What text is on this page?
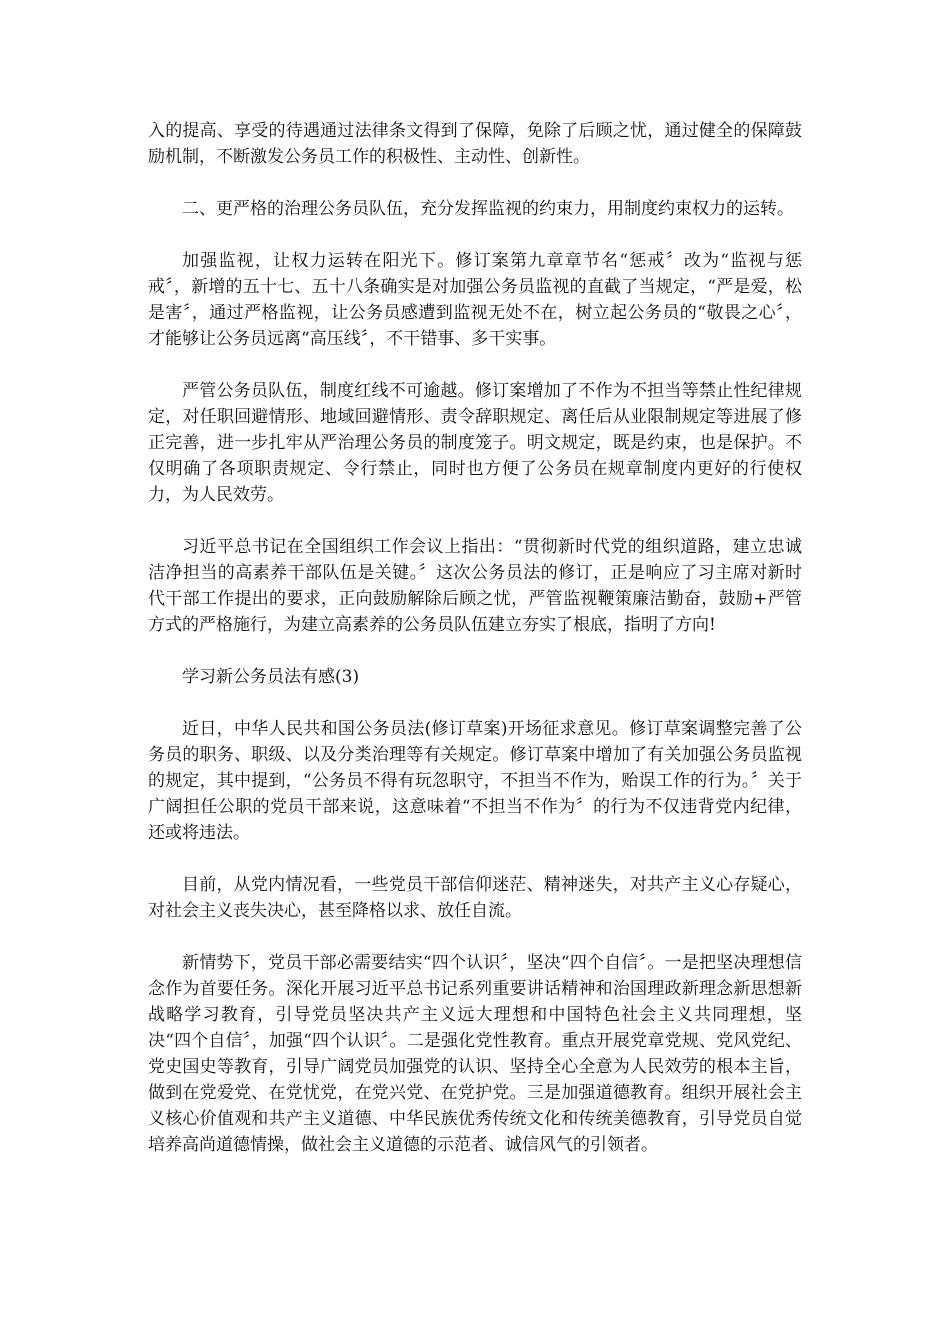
入的提高、享受的待遇通过法律条文得到了保障，免除了后顾之忧，通过健全的保障鼓励机制，不断激发公务员工作的积极性、主动性、创新性。

二、更严格的治理公务员队伍，充分发挥监视的约束力，用制度约束权力的运转。

加强监视，让权力运转在阳光下。修订案第九章章节名“惩戒〞改为“监视与惩戒〞，新增的五十七、五十八条确实是对加强公务员监视的直截了当规定，“严是爱，松是害〞，通过严格监视，让公务员感遭到监视无处不在，树立起公务员的“敬畏之心〞，才能够让公务员远离“高压线〞，不干错事、多干实事。

严管公务员队伍，制度红线不可逾越。修订案增加了不作为不担当等禁止性纪律规定，对任职回避情形、地域回避情形、责令辞职规定、离任后从业限制规定等进展了修正完善，进一步扎牢从严治理公务员的制度笼子。明文规定，既是约束，也是保护。不仅明确了各项职责规定、令行禁止，同时也方便了公务员在规章制度内更好的行使权力，为人民效劳。

习近平总书记在全国组织工作会议上指出：“贯彻新时代党的组织道路，建立忠诚洁净担当的高素养干部队伍是关键。〞这次公务员法的修订，正是响应了习主席对新时代干部工作提出的要求，正向鼓励解除后顾之忧，严管监视鞭策廉洁勤奋，鼓励+严管方式的严格施行，为建立高素养的公务员队伍建立夯实了根底，指明了方向!

学习新公务员法有感(3)

近日，中华人民共和国公务员法(修订草案)开场征求意见。修订草案调整完善了公务员的职务、职级、以及分类治理等有关规定。修订草案中增加了有关加强公务员监视的规定，其中提到，“公务员不得有玩忽职守，不担当不作为，贻误工作的行为。〞关于广阔担任公职的党员干部来说，这意味着“不担当不作为〞的行为不仅违背党内纪律，还或将违法。

目前，从党内情况看，一些党员干部信仰迷茫、精神迷失，对共产主义心存疑心，对社会主义丧失决心，甚至降格以求、放任自流。

新情势下，党员干部必需要结实“四个认识〞，坚决“四个自信〞。一是把坚决理想信念作为首要任务。深化开展习近平总书记系列重要讲话精神和治国理政新理念新思想新战略学习教育，引导党员坚决共产主义远大理想和中国特色社会主义共同理想，坚决“四个自信〞，加强“四个认识〞。二是强化党性教育。重点开展党章党规、党风党纪、党史国史等教育，引导广阔党员加强党的认识、坚持全心全意为人民效劳的根本主旨，做到在党爱党、在党忧党，在党兴党、在党护党。三是加强道德教育。组织开展社会主义核心价值观和共产主义道德、中华民族优秀传统文化和传统美德教育，引导党员自觉培养高尚道德情操，做社会主义道德的示范者、诚信风气的引领者。
